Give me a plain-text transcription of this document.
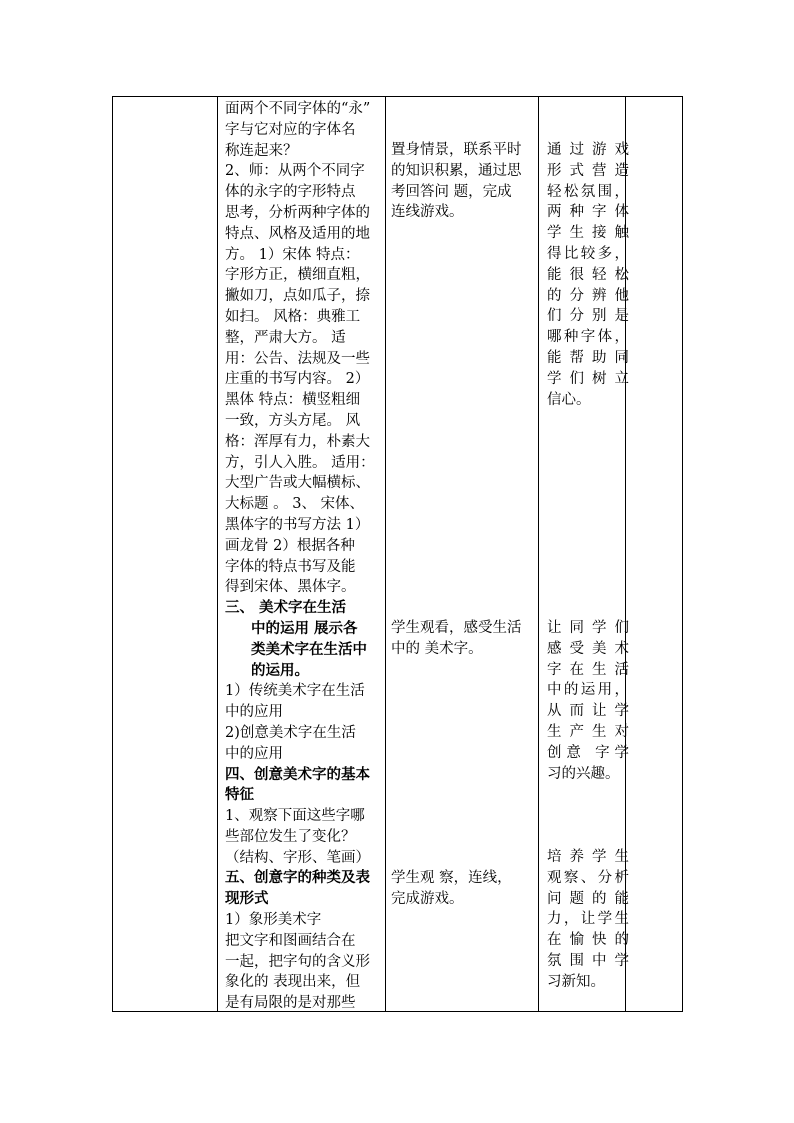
面两个不同字体的“永”
字与它对应的字体名
称连起来？
2、师：从两个不同字
体的永字的字形特点
思考，分析两种字体的
特点、风格及适用的地
方。 1）宋体 特点：
字形方正，横细直粗，
撇如刀，点如瓜子，捺
如扫。 风格：典雅工
整，严肃大方。 适
用：公告、法规及一些
庄重的书写内容。 2）
黑体 特点：横竖粗细
一致，方头方尾。 风
格：浑厚有力，朴素大
方，引人入胜。 适用：
大型广告或大幅横标、
大标题 。 3、 宋体、
黑体字的书写方法 1）
画龙骨 2）根据各种
字体的特点书写及能
得到宋体、黑体字。
三、 美术字在生活
中的运用 展示各
类美术字在生活中
的运用。
1）传统美术字在生活
中的应用
2)创意美术字在生活
中的应用
四、创意美术字的基本
特征
1、观察下面这些字哪
些部位发生了变化？
（结构、字形、笔画）
五、创意字的种类及表
现形式
1）象形美术字
把文字和图画结合在
一起，把字句的含义形
象化的 表现出来，但
是有局限的是对那些
置身情景，联系平时
的知识积累，通过思
考回答问 题，完成
连线游戏。
学生观看，感受生活
中的 美术字。
学生观 察，连线，
完成游戏。
通过游戏
形式营造
轻松氛围，
两种字体
学生接触
得比较多，
能很轻松
的分辨他
们分别是
哪种字体，
能帮助同
学们树立
信心。
让同学们
感受美术
字在生活
中的运用，
从而让学
生产生对
创意 字学
习的兴趣。
培养学生
观察、分析
问题的能
力，让学生
在愉快的
氛围中学
习新知。
